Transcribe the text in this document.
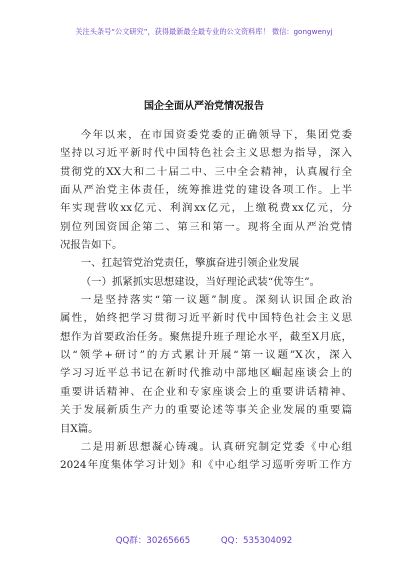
关注头条号“公文研究”，获得最新最全最专业的公文资料库！ 微信：gongwenyj
国企全面从严治党情况报告
今年以来，在市国资委党委的正确领导下，集团党委
坚持以习近平新时代中国特色社会主义思想为指导，深入
贯彻党的XX大和二十届二中、三中全会精神，认真履行全
面从严治党主体责任，统筹推进党的建设各项工作。上半
年实现营收xx亿元、利润xx亿元，上缴税费xx亿元，分
别位列国资国企第二、第三和第一。现将全面从严治党情
况报告如下。
一、扛起管党治党责任，擎旗奋进引领企业发展
（一）抓紧抓实思想建设，当好理论武装“优等生”。
一是坚持落实“第一议题”制度。深刻认识国企政治
属性，始终把学习贯彻习近平新时代中国特色社会主义思
想作为首要政治任务。聚焦提升班子理论水平，截至X月底，
以“领学+研讨”的方式累计开展“第一议题”X次，深入
学习习近平总书记在新时代推动中部地区崛起座谈会上的
重要讲话精神、在企业和专家座谈会上的重要讲话精神、
关于发展新质生产力的重要论述等事关企业发展的重要篇
目X篇。
二是用新思想凝心铸魂。认真研究制定党委《中心组
2024年度集体学习计划》和《中心组学习巡听旁听工作方
QQ群：30265665	QQ：535304092
